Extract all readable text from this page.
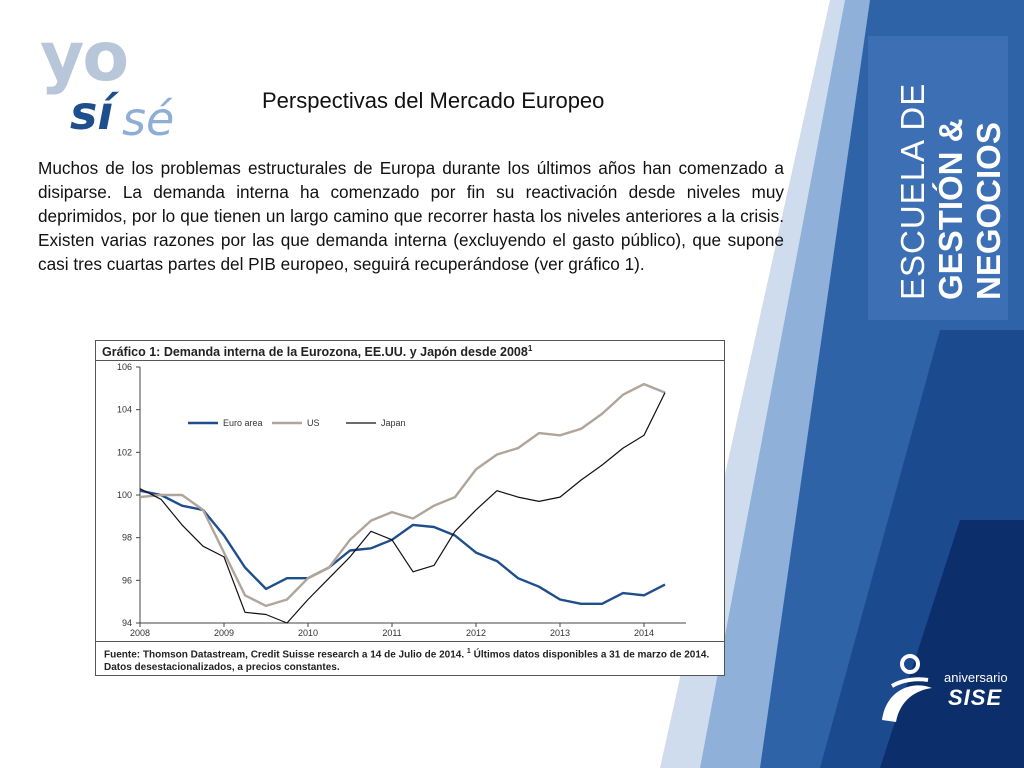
yo
sí sé	Perspectivas del Mercado Europeo
Muchos de los problemas estructurales de Europa durante los últimos años han comenzado a disiparse. La demanda interna ha comenzado por fin su reactivación desde niveles muy deprimidos, por lo que tienen un largo camino que recorrer hasta los niveles anteriores a la crisis. Existen varias razones por las que demanda interna (excluyendo el gasto público), que supone casi tres cuartas partes del PIB europeo, seguirá recuperándose (ver gráfico 1).
Gráfico 1: Demanda interna de la Eurozona, EE.UU. y Japón desde 2008$^1$
94
96
98
100
102
104
106
2008	2009	2010	2011	2012	2013	2014
Euro area	US	Japan
Fuente: Thomson Datastream, Credit Suisse research a 14 de Julio de 2014. $^1$ Últimos datos disponibles a 31 de marzo de 2014.
Datos desestacionalizados, a precios constantes.
ESCUELA DE GESTIÓN & NEGOCIOS
aniversario
SISE
